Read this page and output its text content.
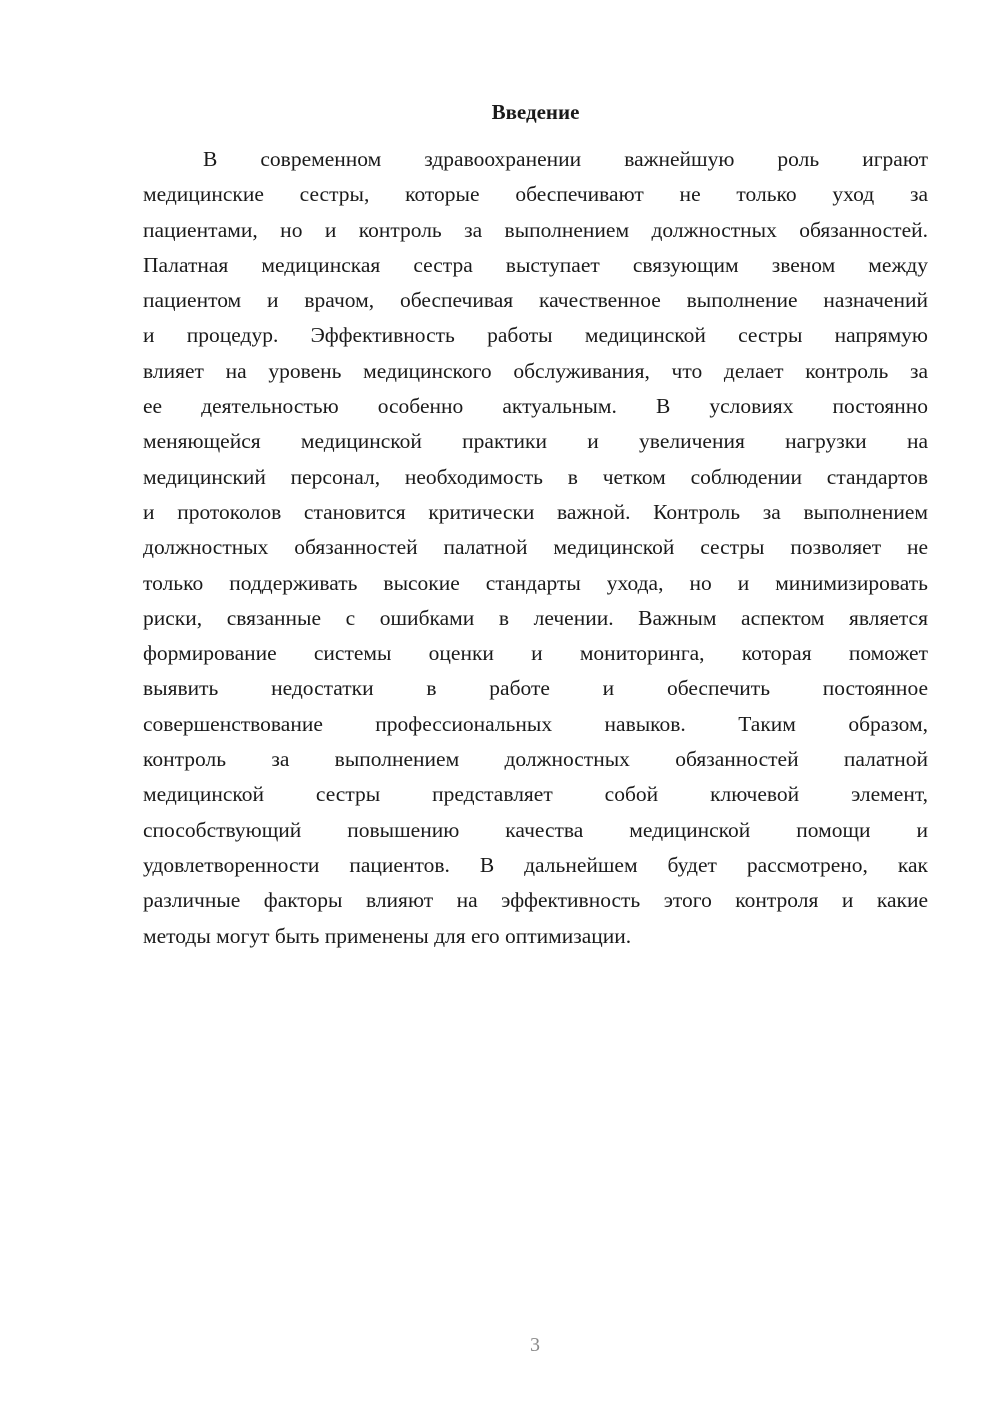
Введение
В современном здравоохранении важнейшую роль играют
медицинские сестры, которые обеспечивают не только уход за
пациентами, но и контроль за выполнением должностных обязанностей.
Палатная медицинская сестра выступает связующим звеном между
пациентом и врачом, обеспечивая качественное выполнение назначений
и процедур. Эффективность работы медицинской сестры напрямую
влияет на уровень медицинского обслуживания, что делает контроль за
ее деятельностью особенно актуальным. В условиях постоянно
меняющейся медицинской практики и увеличения нагрузки на
медицинский персонал, необходимость в четком соблюдении стандартов
и протоколов становится критически важной. Контроль за выполнением
должностных обязанностей палатной медицинской сестры позволяет не
только поддерживать высокие стандарты ухода, но и минимизировать
риски, связанные с ошибками в лечении. Важным аспектом является
формирование системы оценки и мониторинга, которая поможет
выявить недостатки в работе и обеспечить постоянное
совершенствование профессиональных навыков. Таким образом,
контроль за выполнением должностных обязанностей палатной
медицинской сестры представляет собой ключевой элемент,
способствующий повышению качества медицинской помощи и
удовлетворенности пациентов. В дальнейшем будет рассмотрено, как
различные факторы влияют на эффективность этого контроля и какие
методы могут быть применены для его оптимизации.
3
